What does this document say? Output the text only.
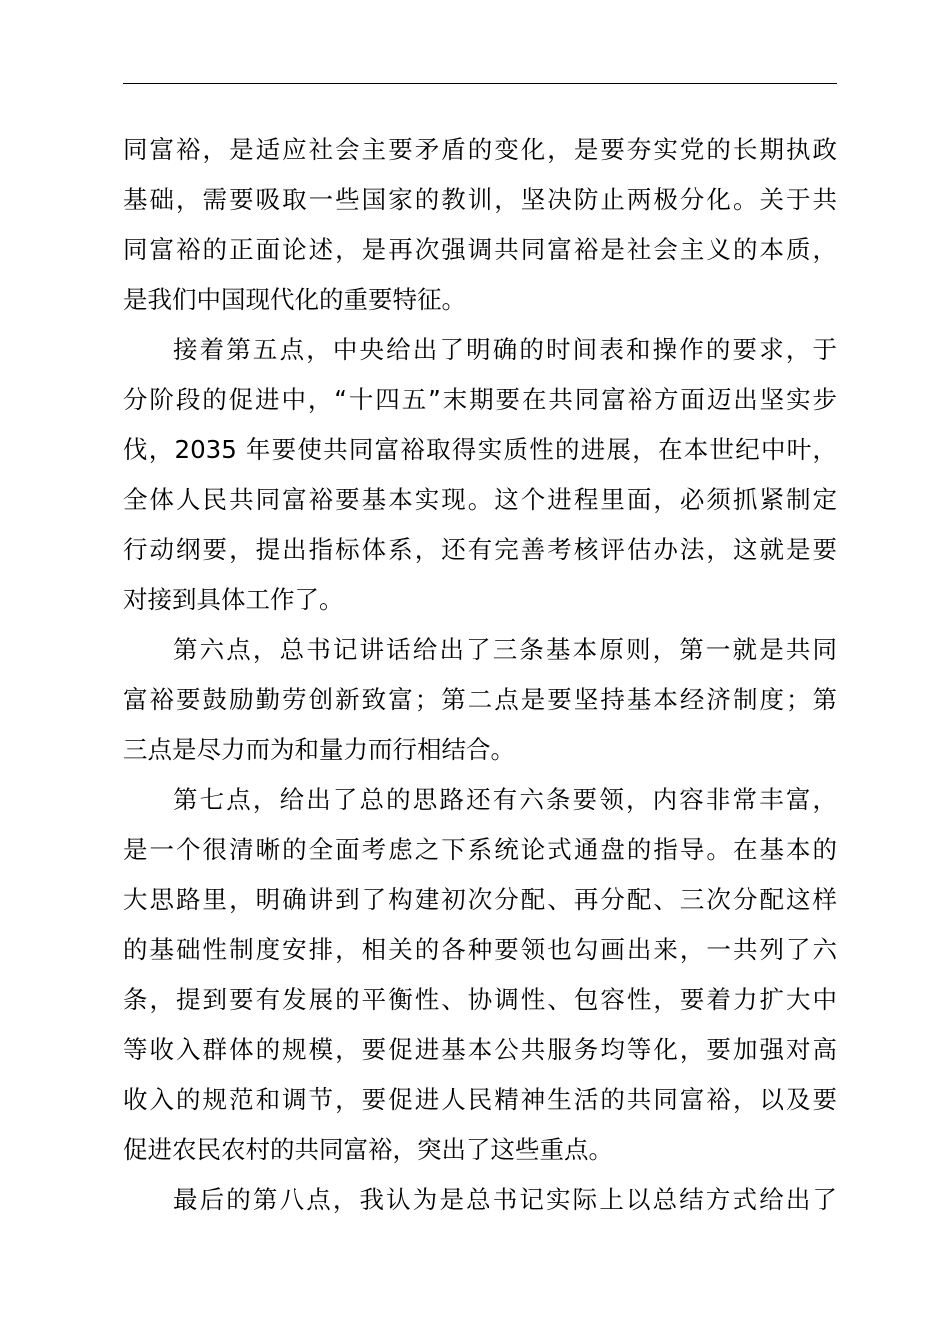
同富裕，是适应社会主要矛盾的变化，是要夯实党的长期执政
基础，需要吸取一些国家的教训，坚决防止两极分化。关于共
同富裕的正面论述，是再次强调共同富裕是社会主义的本质，
是我们中国现代化的重要特征。
接着第五点，中央给出了明确的时间表和操作的要求，于
分阶段的促进中，“十四五”末期要在共同富裕方面迈出坚实步
伐，2035 年要使共同富裕取得实质性的进展，在本世纪中叶，
全体人民共同富裕要基本实现。这个进程里面，必须抓紧制定
行动纲要，提出指标体系，还有完善考核评估办法，这就是要
对接到具体工作了。
第六点，总书记讲话给出了三条基本原则，第一就是共同
富裕要鼓励勤劳创新致富；第二点是要坚持基本经济制度；第
三点是尽力而为和量力而行相结合。
第七点，给出了总的思路还有六条要领，内容非常丰富，
是一个很清晰的全面考虑之下系统论式通盘的指导。在基本的
大思路里，明确讲到了构建初次分配、再分配、三次分配这样
的基础性制度安排，相关的各种要领也勾画出来，一共列了六
条，提到要有发展的平衡性、协调性、包容性，要着力扩大中
等收入群体的规模，要促进基本公共服务均等化，要加强对高
收入的规范和调节，要促进人民精神生活的共同富裕，以及要
促进农民农村的共同富裕，突出了这些重点。
最后的第八点，我认为是总书记实际上以总结方式给出了
